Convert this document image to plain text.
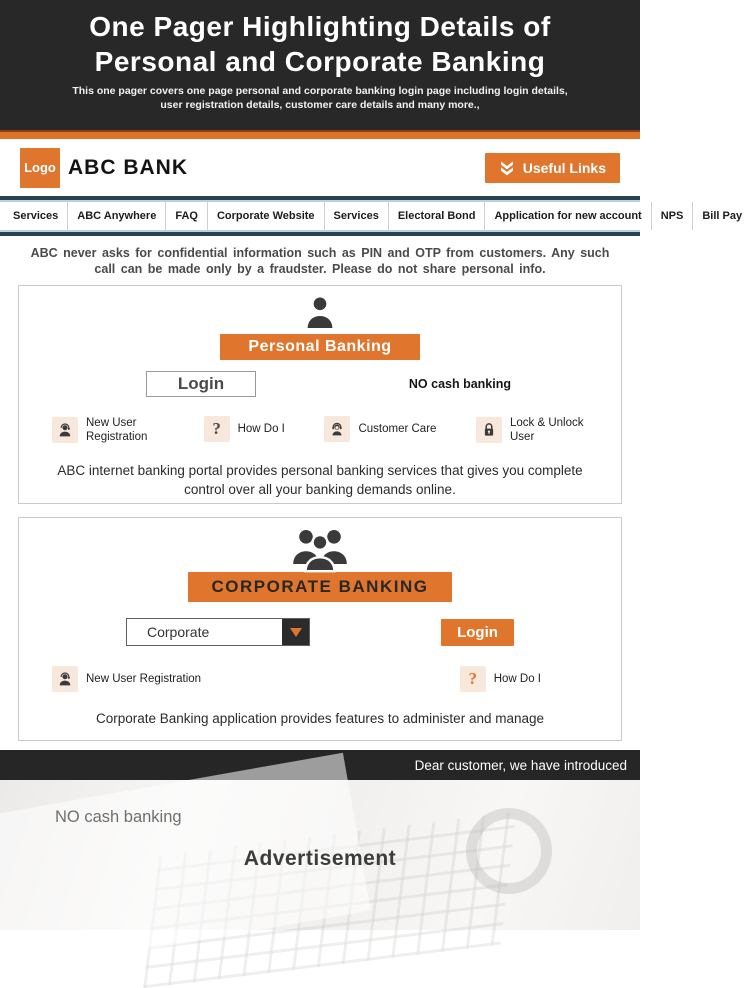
One Pager Highlighting Details of
Personal and Corporate Banking

This one pager covers one page personal and corporate banking login page including login details, user registration details, customer care details and many more.,

Logo ABC BANK	Useful Links
Services	ABC Anywhere	FAQ	Corporate Website	Services	Electoral Bond	Application for new account	NPS	Bill Pay

ABC never asks for confidential information such as PIN and OTP from customers. Any such call can be made only by a fraudster. Please do not share personal info.

Personal Banking
Login	NO cash banking
New User Registration	? How Do I	Customer Care	Lock & Unlock User

ABC internet banking portal provides personal banking services that gives you complete control over all your banking demands online.

CORPORATE BANKING
Corporate	Login
New User Registration	? How Do I

Corporate Banking application provides features to administer and manage

Dear customer, we have introduced
NO cash banking
Advertisement
